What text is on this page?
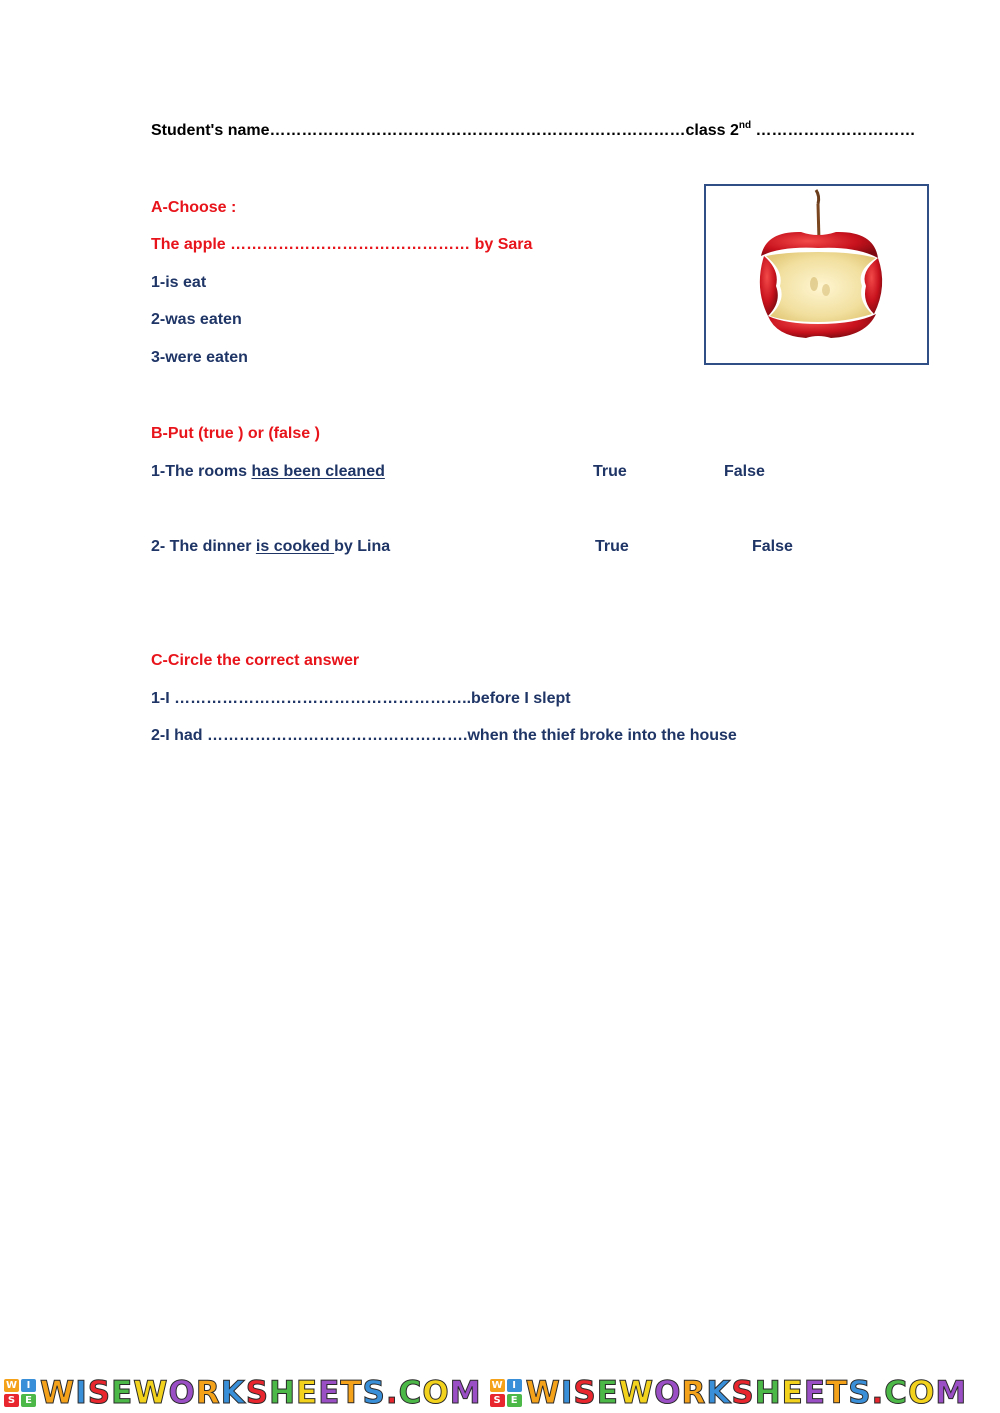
Student's name……………………………………………………………………class 2nd …………………………
A-Choose :
The apple ……………………………………… by Sara
1-is eat
2-was eaten
3-were eaten
B-Put (true ) or (false )
1-The rooms has been cleaned	True	False
2- The dinner is cooked by Lina	True	False
C-Circle the correct answer
1-I ………………………………………………..before I slept
2-I had ………………………………………….when the thief broke into the house
W I
S E WISEWORKSHEETS.COM W I
S E WISEWORKSHEETS.COM
